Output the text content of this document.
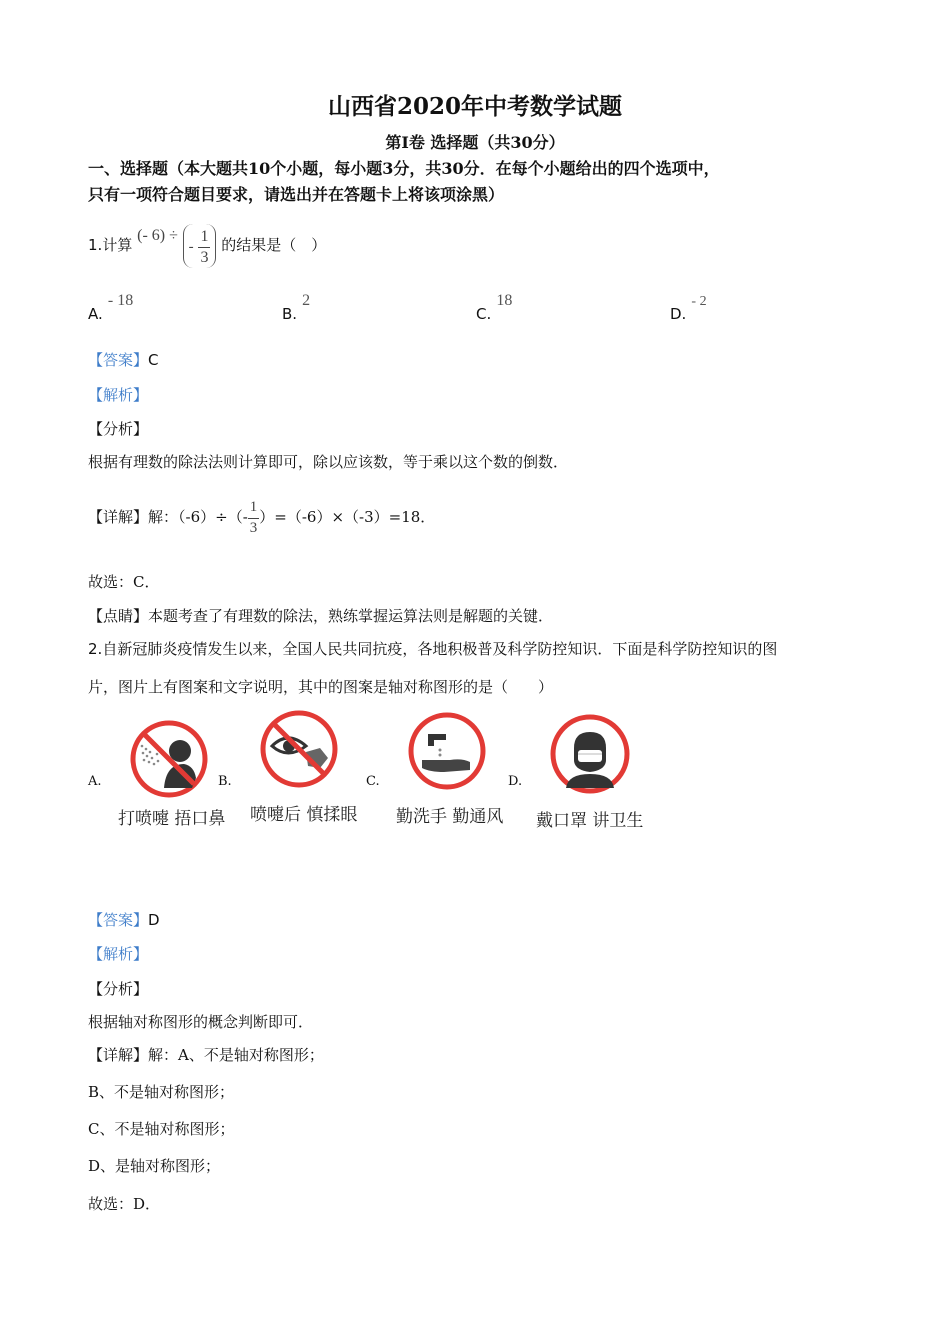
山西省2020年中考数学试题
第I卷 选择题（共30分）
一、选择题（本大题共10个小题，每小题3分，共30分．在每个小题给出的四个选项中，
只有一项符合题目要求，请选出并在答题卡上将该项涂黑）
1.计算 (- 6) ÷ - $\frac{1}{3}$ 的结果是（　）
A. - 18
B. 2
C. 18
D. - 2
【答案】C
【解析】
【分析】
根据有理数的除法法则计算即可，除以应该数，等于乘以这个数的倒数．
【详解】解：$(-6)\div(- \frac{1}{3} )=(-6)\times(-3)=18$．
故选：C．
【点睛】本题考查了有理数的除法，熟练掌握运算法则是解题的关键．
2.自新冠肺炎疫情发生以来，全国人民共同抗疫，各地积极普及科学防控知识．下面是科学防控知识的图
片，图片上有图案和文字说明，其中的图案是轴对称图形的是（　　）
A.
打喷嚏 捂口鼻
B.
喷嚏后 慎揉眼
C.
勤洗手 勤通风
D.
戴口罩 讲卫生
【答案】D
【解析】
【分析】
根据轴对称图形的概念判断即可．
【详解】解：A、不是轴对称图形；
B、不是轴对称图形；
C、不是轴对称图形；
D、是轴对称图形；
故选：D．
